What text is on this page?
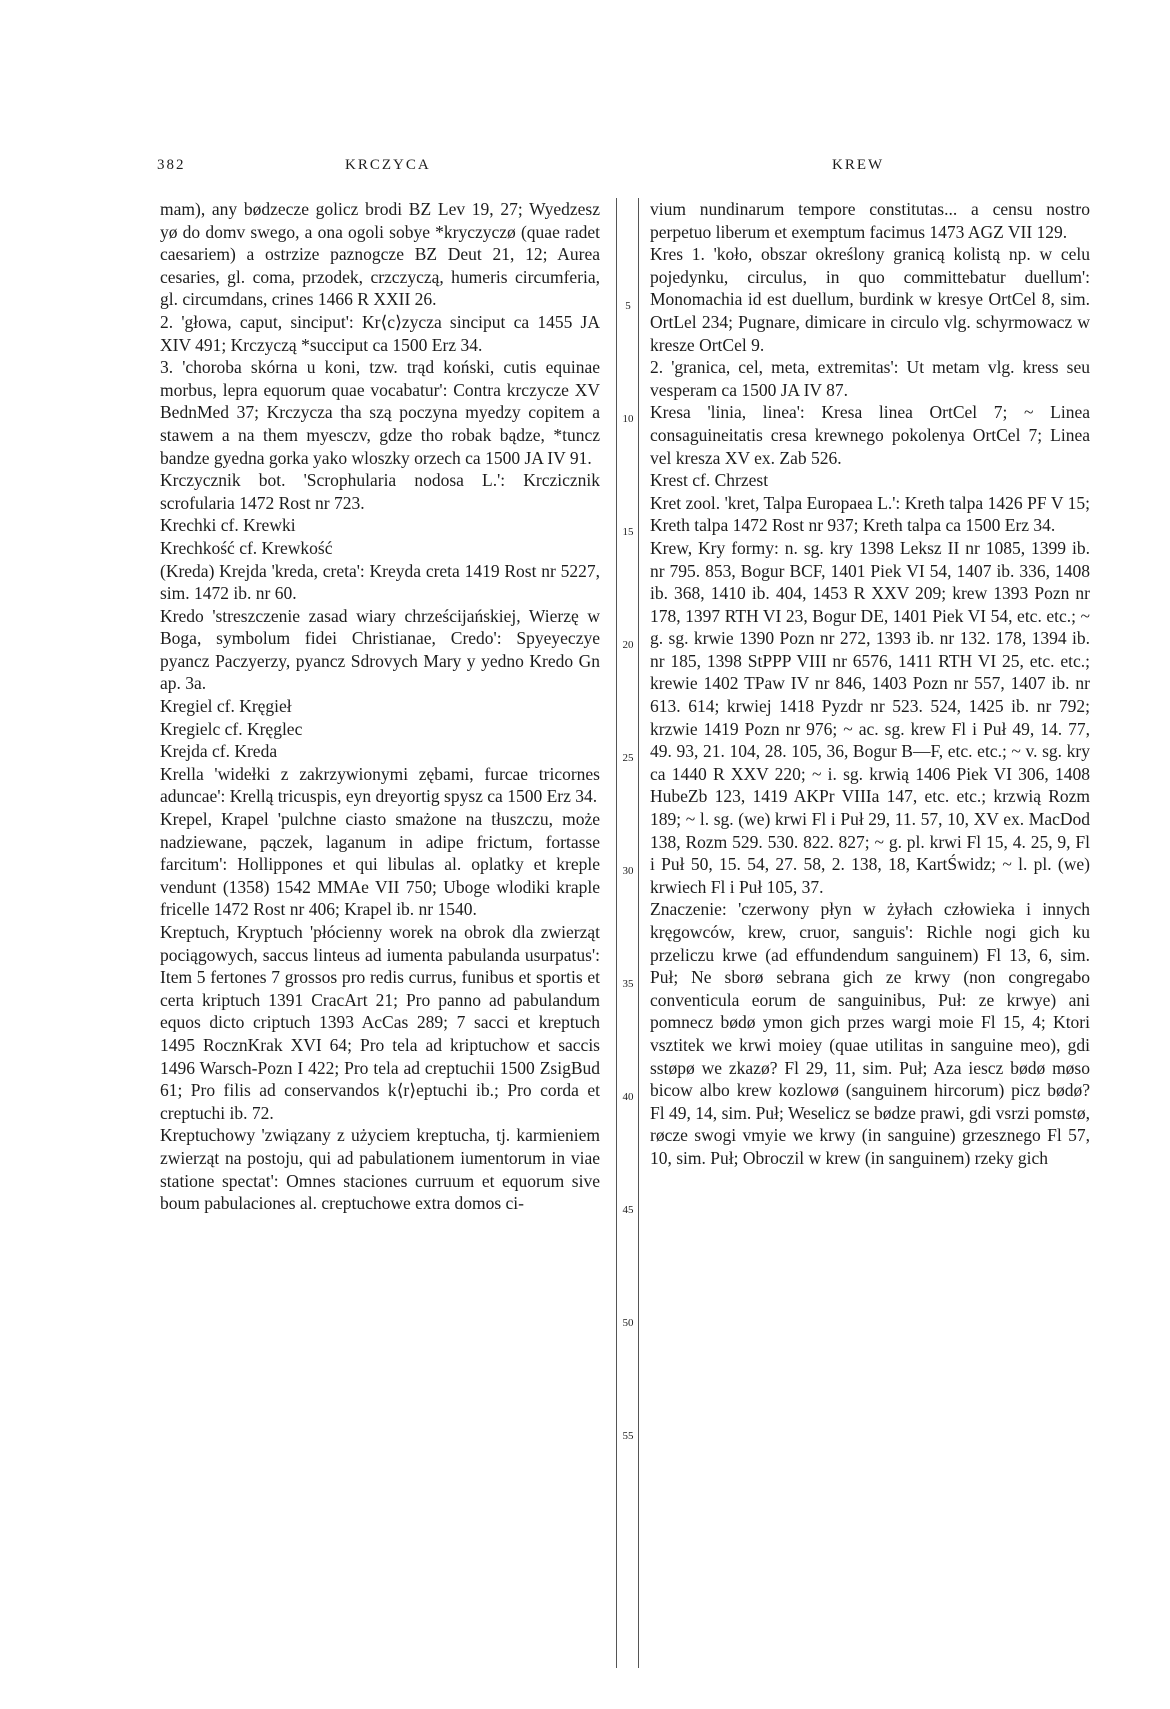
382	KRCZYCA	KREW

mam), any bødzecze golicz brodi BZ Lev 19, 27; Wyedzesz yø do domv swego, a ona ogoli sobye *kryczyczø (quae radet caesariem) a ostrzize paznogcze BZ Deut 21, 12; Aurea cesaries, gl. coma, przodek, crzczyczą, humeris circumferia, gl. circumdans, crines 1466 R XXII 26.

2. 'głowa, caput, sinciput': Kr⟨c⟩zycza sinciput ca 1455 JA XIV 491; Krczyczą *succiput ca 1500 Erz 34.

3. 'choroba skórna u koni, tzw. trąd koński, cutis equinae morbus, lepra equorum quae vocabatur': Contra krczycze XV BednMed 37; Krczycza tha szą poczyna myedzy copitem a stawem a na them myesczv, gdze tho robak bądze, *tuncz bandze gyedna gorka yako wloszky orzech ca 1500 JA IV 91.

Krczycznik bot. 'Scrophularia nodosa L.': Krczicznik scrofularia 1472 Rost nr 723.

Krechki cf. Krewki

Krechkość cf. Krewkość

(Kreda) Krejda 'kreda, creta': Kreyda creta 1419 Rost nr 5227, sim. 1472 ib. nr 60.

Kredo 'streszczenie zasad wiary chrześcijańskiej, Wierzę w Boga, symbolum fidei Christianae, Credo': Spyeyeczye pyancz Paczyerzy, pyancz Sdrovych Mary y yedno Kredo Gn ap. 3a.

Kregiel cf. Kręgieł

Kregielc cf. Kręglec

Krejda cf. Kreda

Krella 'widełki z zakrzywionymi zębami, furcae tricornes aduncae': Krellą tricuspis, eyn dreyortig spysz ca 1500 Erz 34.

Krepel, Krapel 'pulchne ciasto smażone na tłuszczu, może nadziewane, pączek, laganum in adipe frictum, fortasse farcitum': Hollippones et qui libulas al. oplatky et kreple vendunt (1358) 1542 MMAe VII 750; Uboge wlodiki kraple fricelle 1472 Rost nr 406; Krapel ib. nr 1540.

Kreptuch, Kryptuch 'płócienny worek na obrok dla zwierząt pociągowych, saccus linteus ad iumenta pabulanda usurpatus': Item 5 fertones 7 grossos pro redis currus, funibus et sportis et certa kriptuch 1391 CracArt 21; Pro panno ad pabulandum equos dicto criptuch 1393 AcCas 289; 7 sacci et kreptuch 1495 RocznKrak XVI 64; Pro tela ad kriptuchow et saccis 1496 Warsch-Pozn I 422; Pro tela ad creptuchii 1500 ZsigBud 61; Pro filis ad conservandos k⟨r⟩eptuchi ib.; Pro corda et creptuchi ib. 72.

Kreptuchowy 'związany z użyciem kreptucha, tj. karmieniem zwierząt na postoju, qui ad pabulationem iumentorum in viae statione spectat': Omnes staciones curruum et equorum sive boum pabulaciones al. creptuchowe extra domos ci-

5
10
15
20
25
30
35
40
45
50
55

vium nundinarum tempore constitutas... a censu nostro perpetuo liberum et exemptum facimus 1473 AGZ VII 129.

Kres 1. 'koło, obszar określony granicą kolistą np. w celu pojedynku, circulus, in quo committebatur duellum': Monomachia id est duellum, burdink w kresye OrtCel 8, sim. OrtLel 234; Pugnare, dimicare in circulo vlg. schyrmowacz w kresze OrtCel 9.

2. 'granica, cel, meta, extremitas': Ut metam vlg. kress seu vesperam ca 1500 JA IV 87.

Kresa 'linia, linea': Kresa linea OrtCel 7; ~ Linea consaguineitatis cresa krewnego pokolenya OrtCel 7; Linea vel kresza XV ex. Zab 526.

Krest cf. Chrzest

Kret zool. 'kret, Talpa Europaea L.': Kreth talpa 1426 PF V 15; Kreth talpa 1472 Rost nr 937; Kreth talpa ca 1500 Erz 34.

Krew, Kry formy: n. sg. kry 1398 Leksz II nr 1085, 1399 ib. nr 795. 853, Bogur BCF, 1401 Piek VI 54, 1407 ib. 336, 1408 ib. 368, 1410 ib. 404, 1453 R XXV 209; krew 1393 Pozn nr 178, 1397 RTH VI 23, Bogur DE, 1401 Piek VI 54, etc. etc.; ~ g. sg. krwie 1390 Pozn nr 272, 1393 ib. nr 132. 178, 1394 ib. nr 185, 1398 StPPP VIII nr 6576, 1411 RTH VI 25, etc. etc.; krewie 1402 TPaw IV nr 846, 1403 Pozn nr 557, 1407 ib. nr 613. 614; krwiej 1418 Pyzdr nr 523. 524, 1425 ib. nr 792; krzwie 1419 Pozn nr 976; ~ ac. sg. krew Fl i Puł 49, 14. 77, 49. 93, 21. 104, 28. 105, 36, Bogur B—F, etc. etc.; ~ v. sg. kry ca 1440 R XXV 220; ~ i. sg. krwią 1406 Piek VI 306, 1408 HubeZb 123, 1419 AKPr VIIIa 147, etc. etc.; krzwią Rozm 189; ~ l. sg. (we) krwi Fl i Puł 29, 11. 57, 10, XV ex. MacDod 138, Rozm 529. 530. 822. 827; ~ g. pl. krwi Fl 15, 4. 25, 9, Fl i Puł 50, 15. 54, 27. 58, 2. 138, 18, KartŚwidz; ~ l. pl. (we) krwiech Fl i Puł 105, 37.

Znaczenie: 'czerwony płyn w żyłach człowieka i innych kręgowców, krew, cruor, sanguis': Richle nogi gich ku przeliczu krwe (ad effundendum sanguinem) Fl 13, 6, sim. Puł; Ne sborø sebrana gich ze krwy (non congregabo conventicula eorum de sanguinibus, Puł: ze krwye) ani pomnecz bødø ymon gich przes wargi moie Fl 15, 4; Ktori vsztitek we krwi moiey (quae utilitas in sanguine meo), gdi sstøpø we zkazø? Fl 29, 11, sim. Puł; Aza iescz bødø møso bicow albo krew kozlowø (sanguinem hircorum) picz bødø? Fl 49, 14, sim. Puł; Weselicz se bødze prawi, gdi vsrzi pomstø, røcze swogi vmyie we krwy (in sanguine) grzesznego Fl 57, 10, sim. Puł; Obroczil w krew (in sanguinem) rzeky gich
